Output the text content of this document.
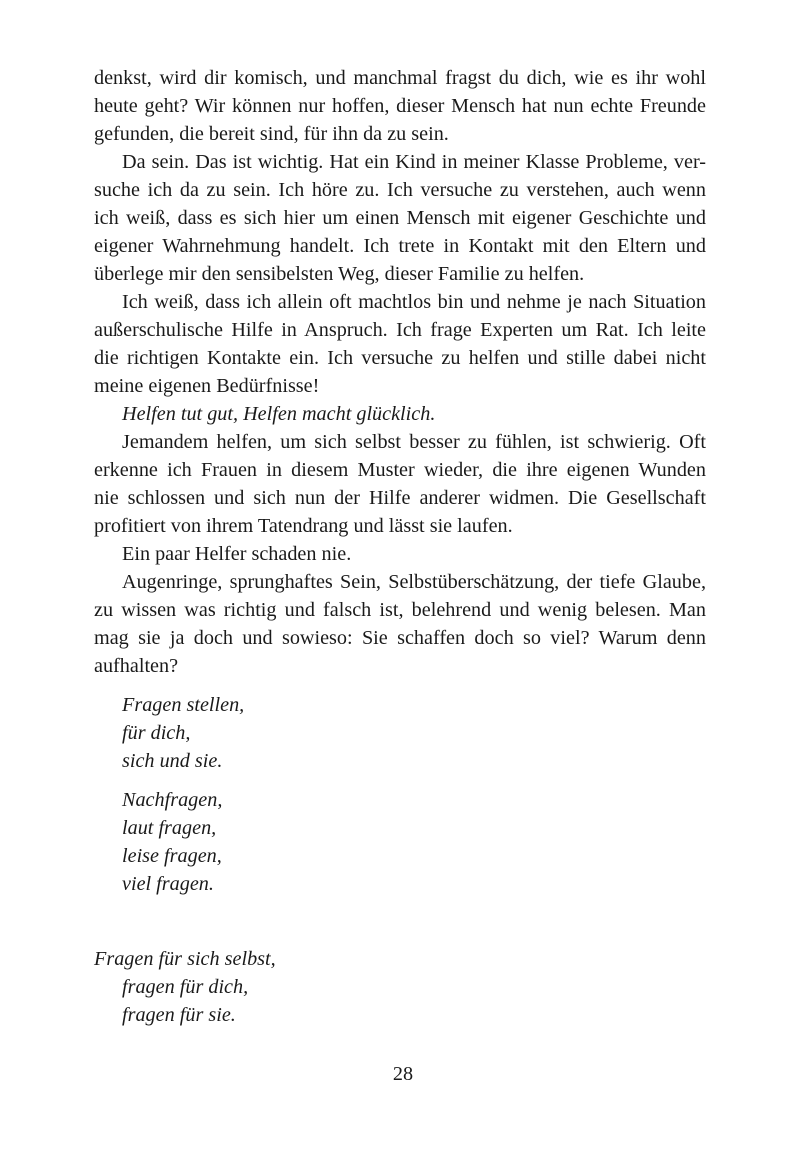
denkst, wird dir komisch, und manchmal fragst du dich, wie es ihr wohl
heute geht? Wir können nur hoffen, dieser Mensch hat nun echte Freunde
gefunden, die bereit sind, für ihn da zu sein.
Da sein. Das ist wichtig. Hat ein Kind in meiner Klasse Probleme, ver-
suche ich da zu sein. Ich höre zu. Ich versuche zu verstehen, auch wenn
ich weiß, dass es sich hier um einen Mensch mit eigener Geschichte und
eigener Wahrnehmung handelt. Ich trete in Kontakt mit den Eltern und
überlege mir den sensibelsten Weg, dieser Familie zu helfen.
Ich weiß, dass ich allein oft machtlos bin und nehme je nach Situation
außerschulische Hilfe in Anspruch. Ich frage Experten um Rat. Ich leite
die richtigen Kontakte ein. Ich versuche zu helfen und stille dabei nicht
meine eigenen Bedürfnisse!
Helfen tut gut, Helfen macht glücklich.
Jemandem helfen, um sich selbst besser zu fühlen, ist schwierig. Oft
erkenne ich Frauen in diesem Muster wieder, die ihre eigenen Wunden
nie schlossen und sich nun der Hilfe anderer widmen. Die Gesellschaft
profitiert von ihrem Tatendrang und lässt sie laufen.
Ein paar Helfer schaden nie.
Augenringe, sprunghaftes Sein, Selbstüberschätzung, der tiefe Glaube,
zu wissen was richtig und falsch ist, belehrend und wenig belesen. Man
mag sie ja doch und sowieso: Sie schaffen doch so viel? Warum denn
aufhalten?
Fragen stellen,
für dich,
sich und sie.
Nachfragen,
laut fragen,
leise fragen,
viel fragen.
Fragen für sich selbst,
fragen für dich,
fragen für sie.
28
